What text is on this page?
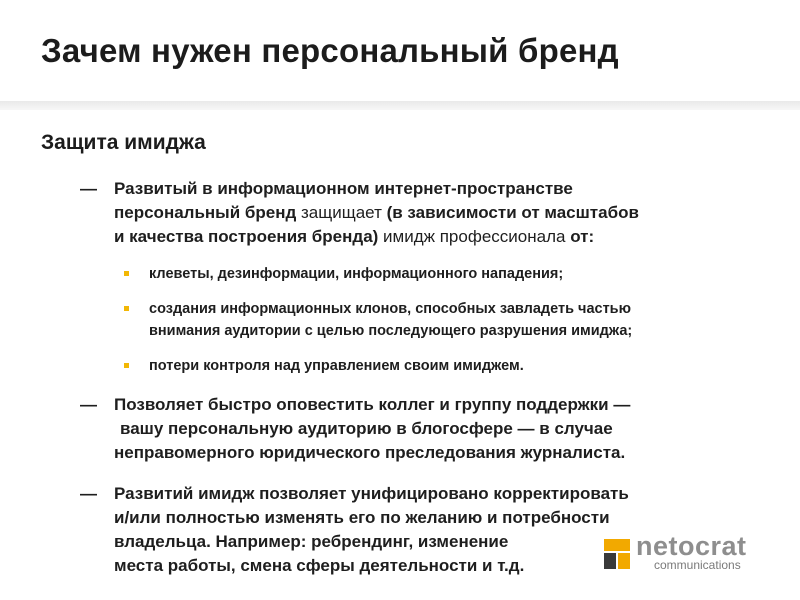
Зачем нужен персональный бренд
Защита имиджа
— Развитый в информационном интернет-пространстве
персональный бренд защищает (в зависимости от масштабов
и качества построения бренда) имидж профессионала от:
клеветы, дезинформации, информационного нападения;
создания информационных клонов, способных завладеть частью
внимания аудитории с целью последующего разрушения имиджа;
потери контроля над управлением своим имиджем.
— Позволяет быстро оповестить коллег и группу поддержки —
вашу персональную аудиторию в блогосфере — в случае
неправомерного юридического преследования журналиста.
— Развитий имидж позволяет унифицировано корректировать
и/или полностью изменять его по желанию и потребности
владельца. Например: ребрендинг, изменение
места работы, смена сферы деятельности и т.д.
netocrat
communications
